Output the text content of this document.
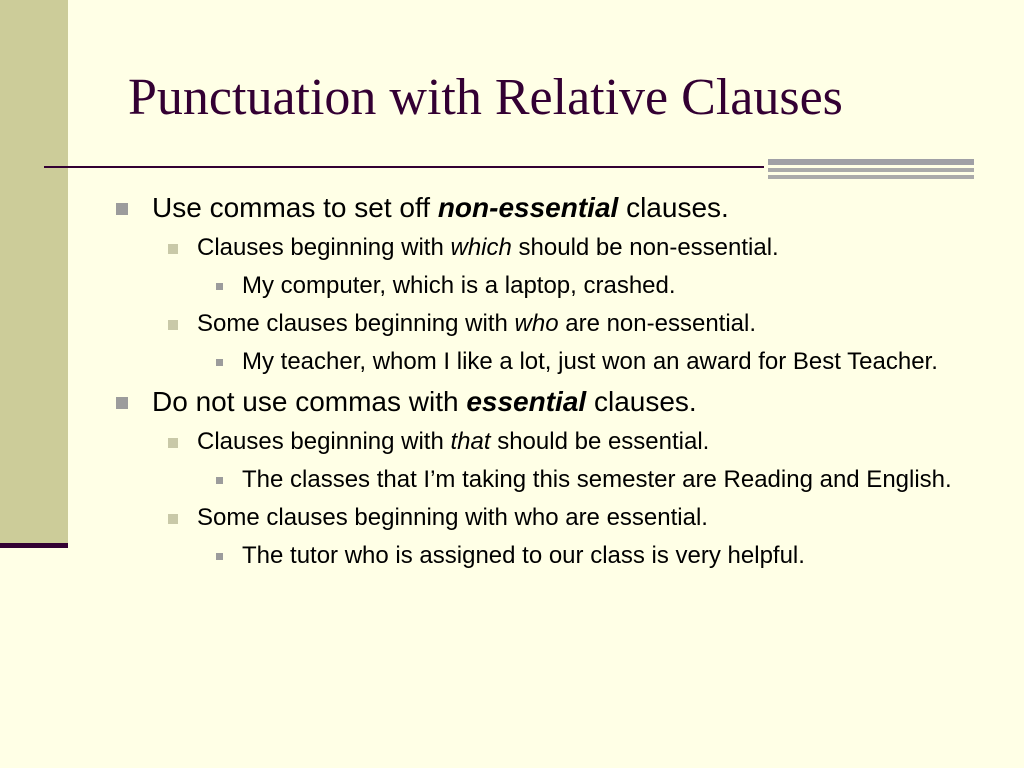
Punctuation with Relative Clauses
Use commas to set off non-essential clauses.
Clauses beginning with which should be non-essential.
My computer, which is a laptop, crashed.
Some clauses beginning with who are non-essential.
My teacher, whom I like a lot, just won an award for Best Teacher.
Do not use commas with essential clauses.
Clauses beginning with that should be essential.
The classes that I’m taking this semester are Reading and English.
Some clauses beginning with who are essential.
The tutor who is assigned to our class is very helpful.
